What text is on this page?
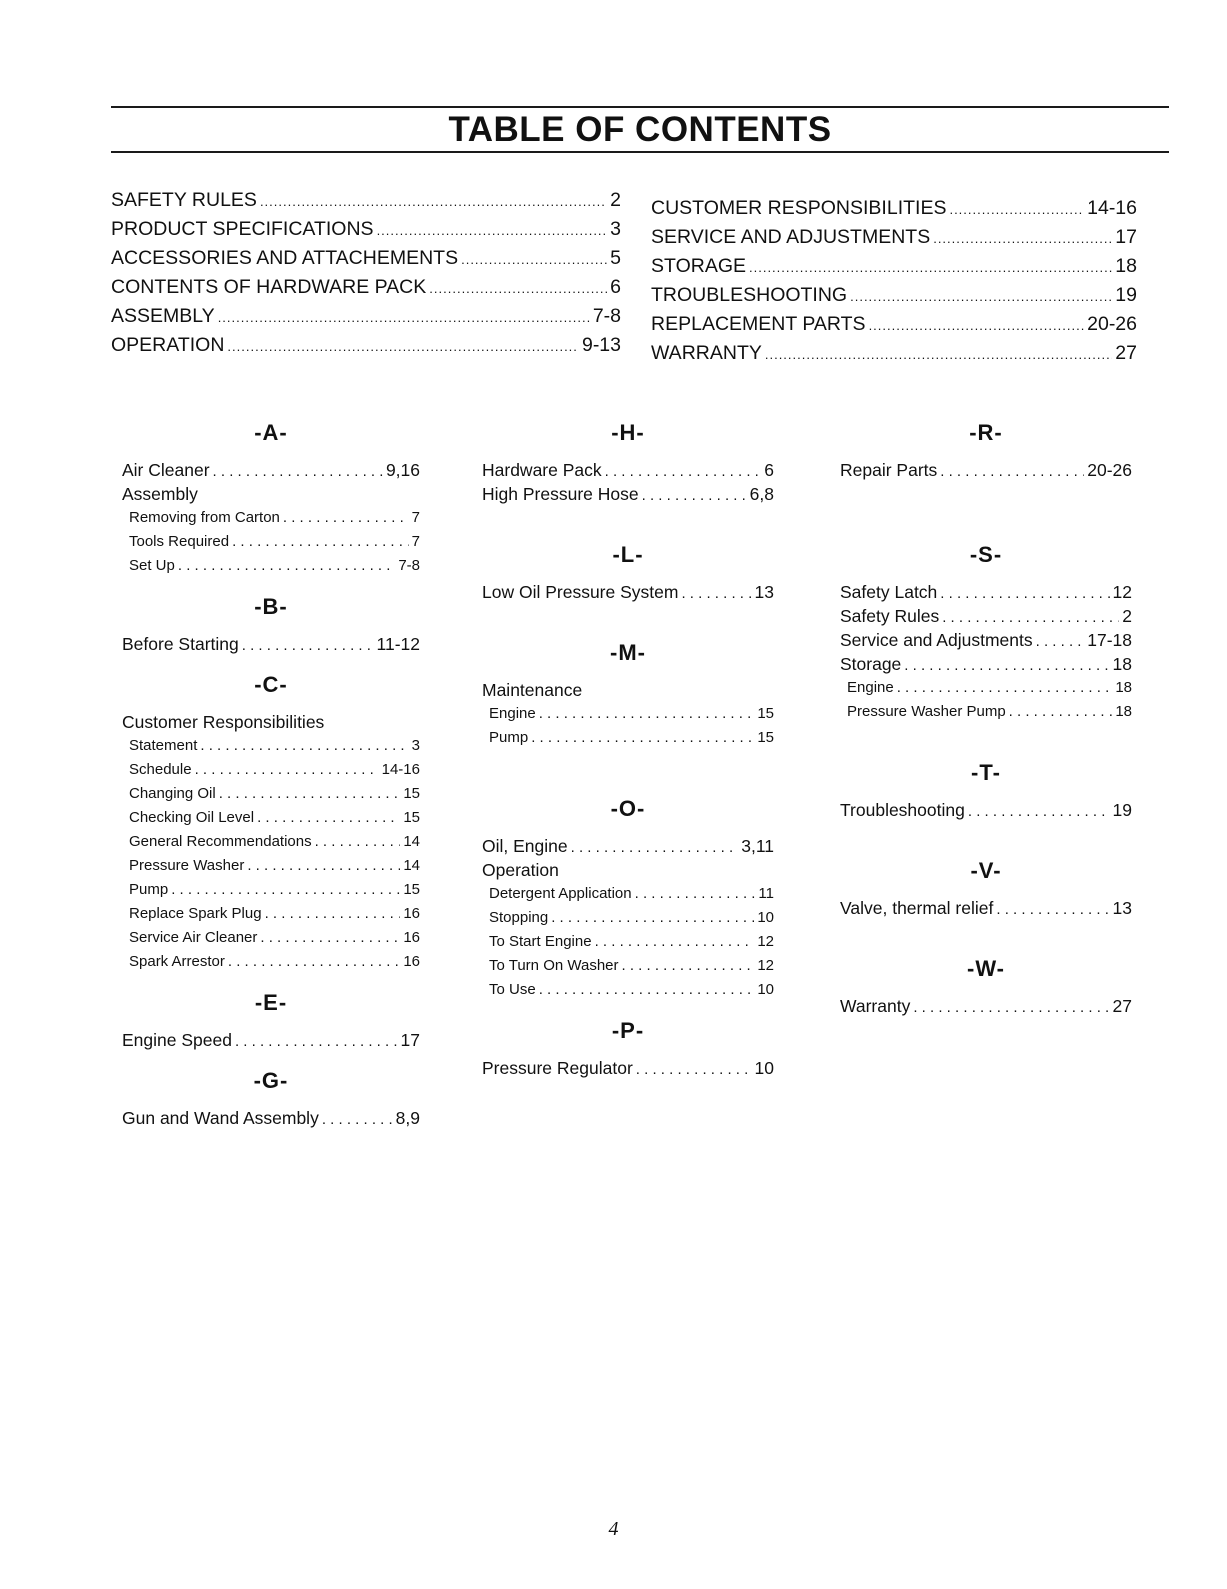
TABLE OF CONTENTS
SAFETY RULES .....	2
PRODUCT SPECIFICATIONS .....	3
ACCESSORIES AND ATTACHEMENTS .....	5
CONTENTS OF HARDWARE PACK .....	6
ASSEMBLY .....	7-8
OPERATION .....	9-13
CUSTOMER RESPONSIBILITIES .....	14-16
SERVICE AND ADJUSTMENTS .....	17
STORAGE .....	18
TROUBLESHOOTING .....	19
REPLACEMENT PARTS .....	20-26
WARRANTY .....	27
-A-
Air Cleaner . . .	9,16
Assembly
Removing from Carton . . .	7
Tools Required . . .	7
Set Up . . .	7-8
-B-
Before Starting . . .	11-12
-C-
Customer Responsibilities
Statement . . .	3
Schedule . . .	14-16
Changing Oil . . .	15
Checking Oil Level . . .	15
General Recommendations . . .	14
Pressure Washer . . .	14
Pump . . .	15
Replace Spark Plug . . .	16
Service Air Cleaner . . .	16
Spark Arrestor . . .	16
-E-
Engine Speed . . .	17
-G-
Gun and Wand Assembly . . .	8,9
-H-
Hardware Pack . . .	6
High Pressure Hose . . .	6,8
-L-
Low Oil Pressure System . . .	13
-M-
Maintenance
Engine . . .	15
Pump . . .	15
-O-
Oil, Engine . . .	3,11
Operation
Detergent Application . . .	11
Stopping . . .	10
To Start Engine . . .	12
To Turn On Washer . . .	12
To Use . . .	10
-P-
Pressure Regulator . . .	10
-R-
Repair Parts . . .	20-26
-S-
Safety Latch . . .	12
Safety Rules . . .	2
Service and Adjustments . . .	17-18
Storage . . .	18
Engine . . .	18
Pressure Washer Pump . . .	18
-T-
Troubleshooting . . .	19
-V-
Valve, thermal relief . . .	13
-W-
Warranty . . .	27
4
